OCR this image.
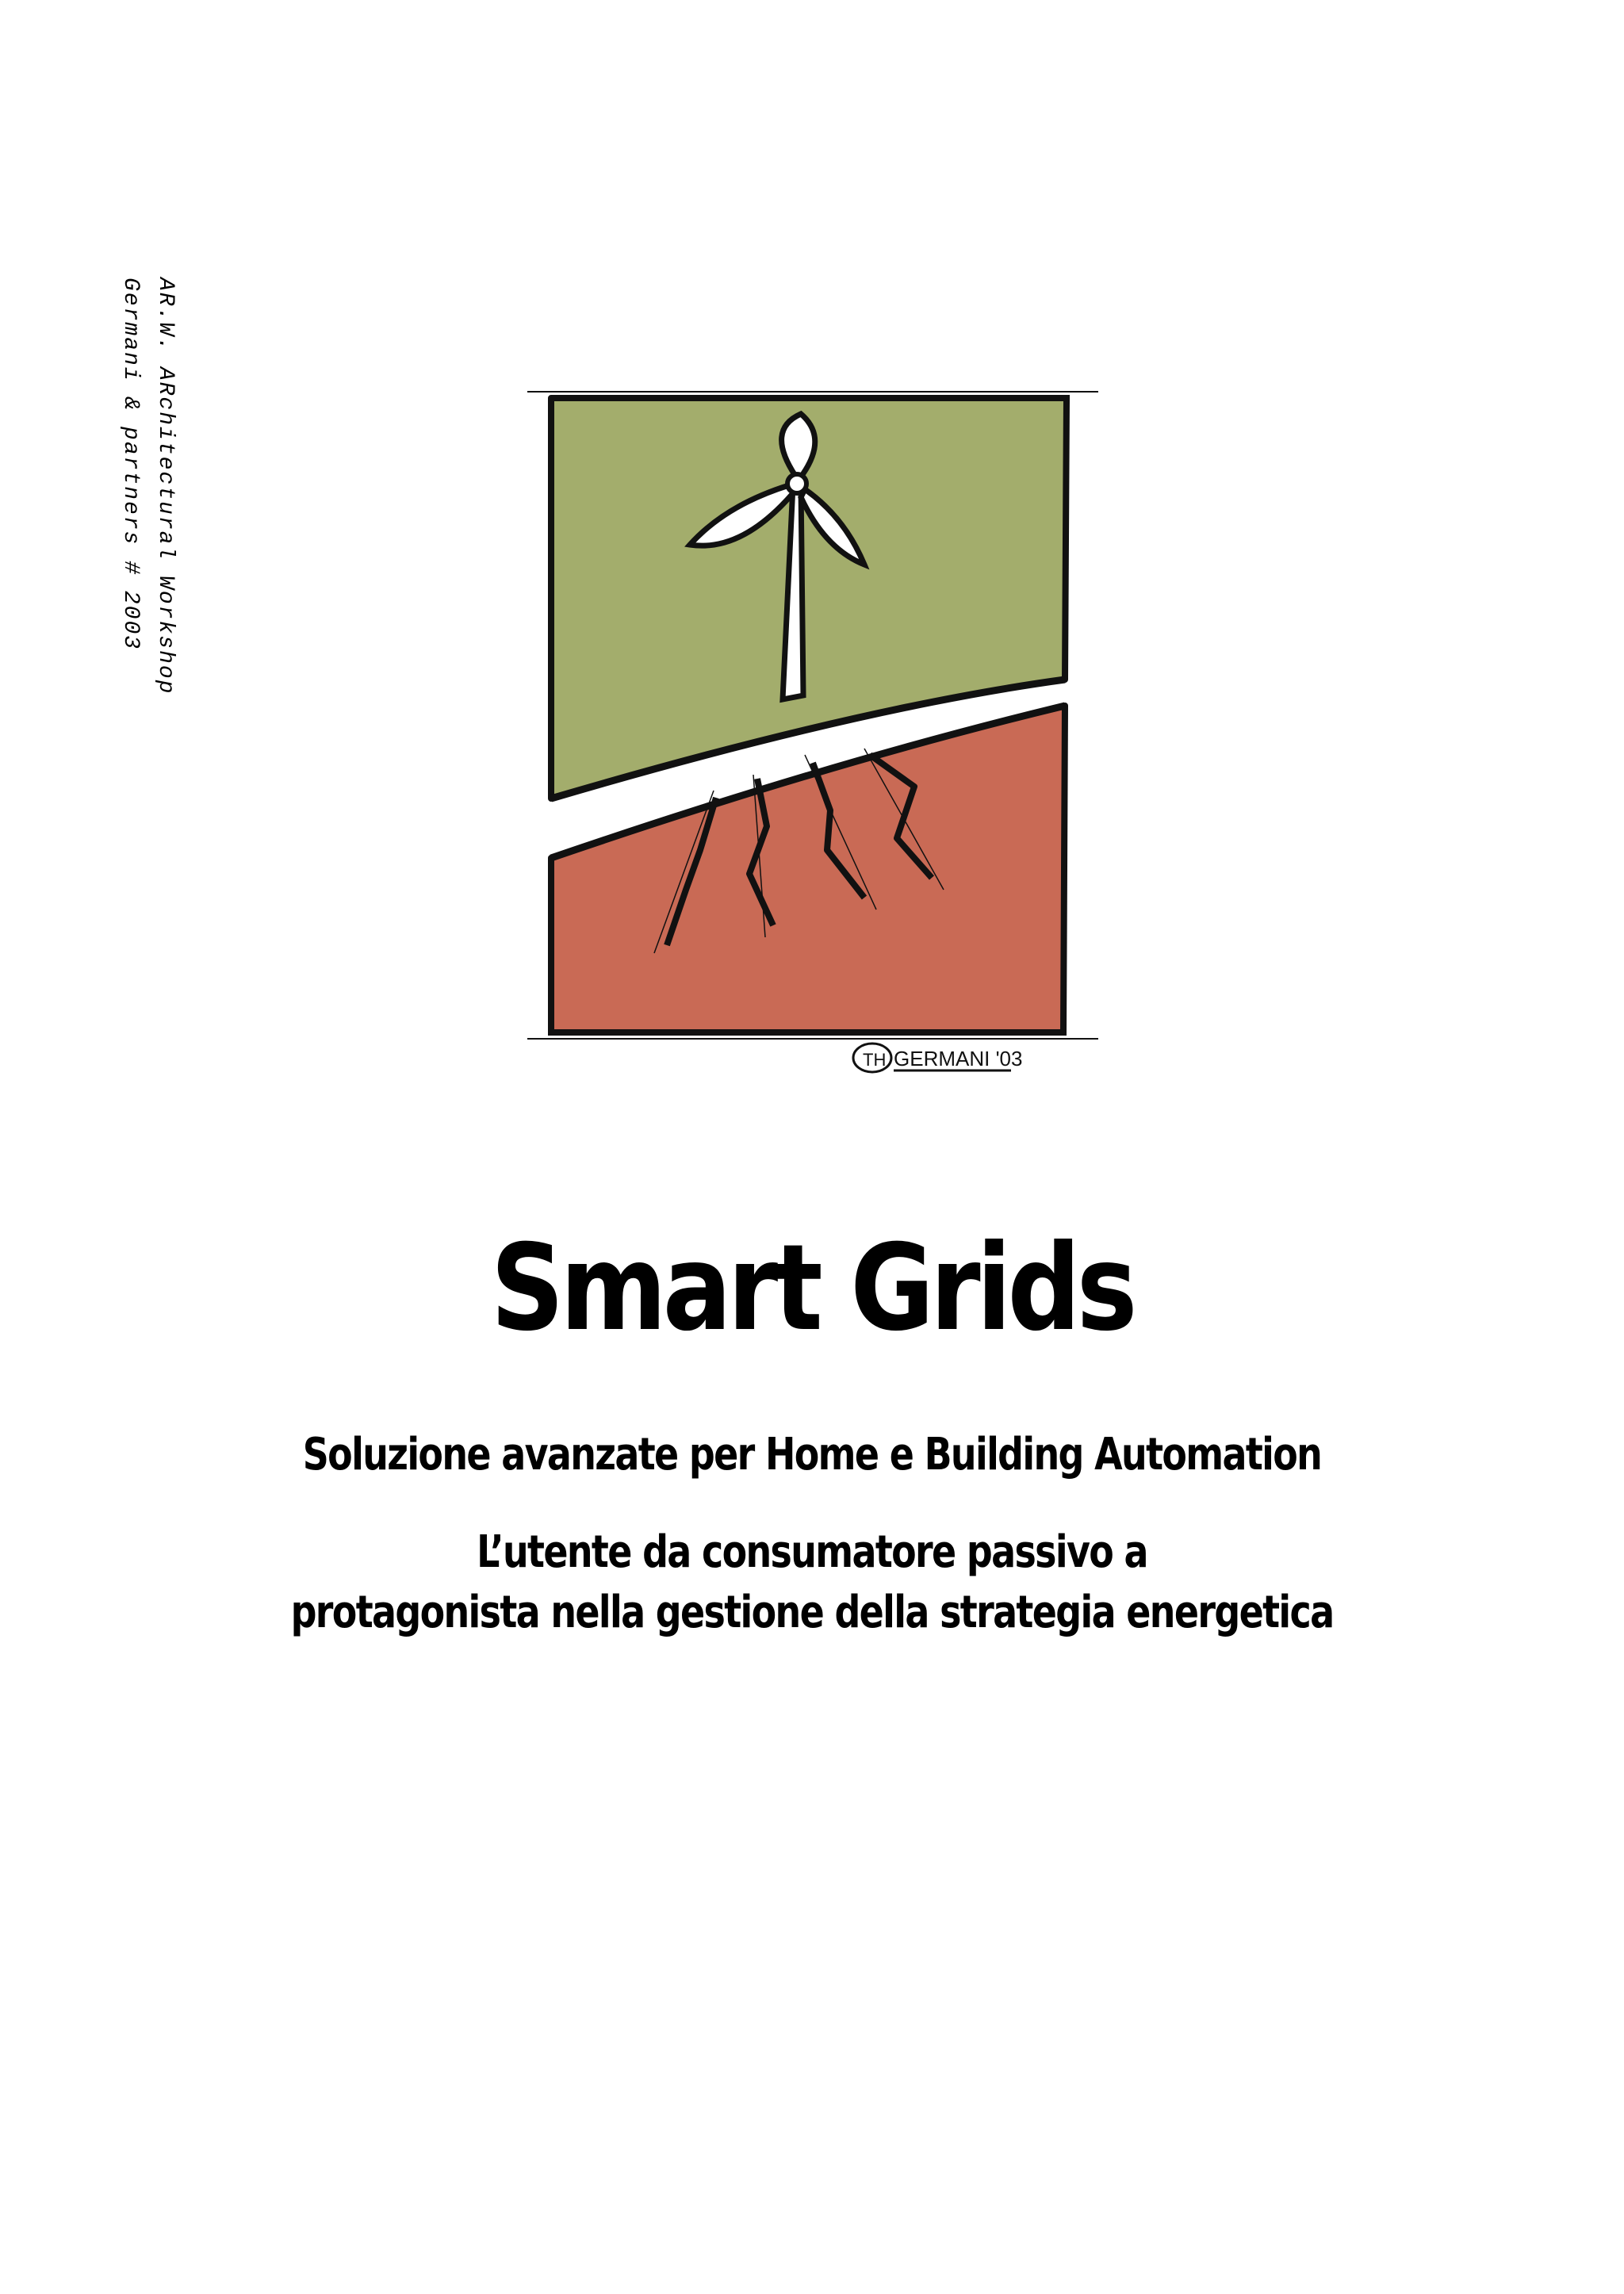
AR.W. ARchitectural Workshop
Germani & partners # 2003
TH GERMANI '03
Smart Grids
Soluzione avanzate per Home e Building Automation
L’utente da consumatore passivo a
protagonista nella gestione della strategia energetica
